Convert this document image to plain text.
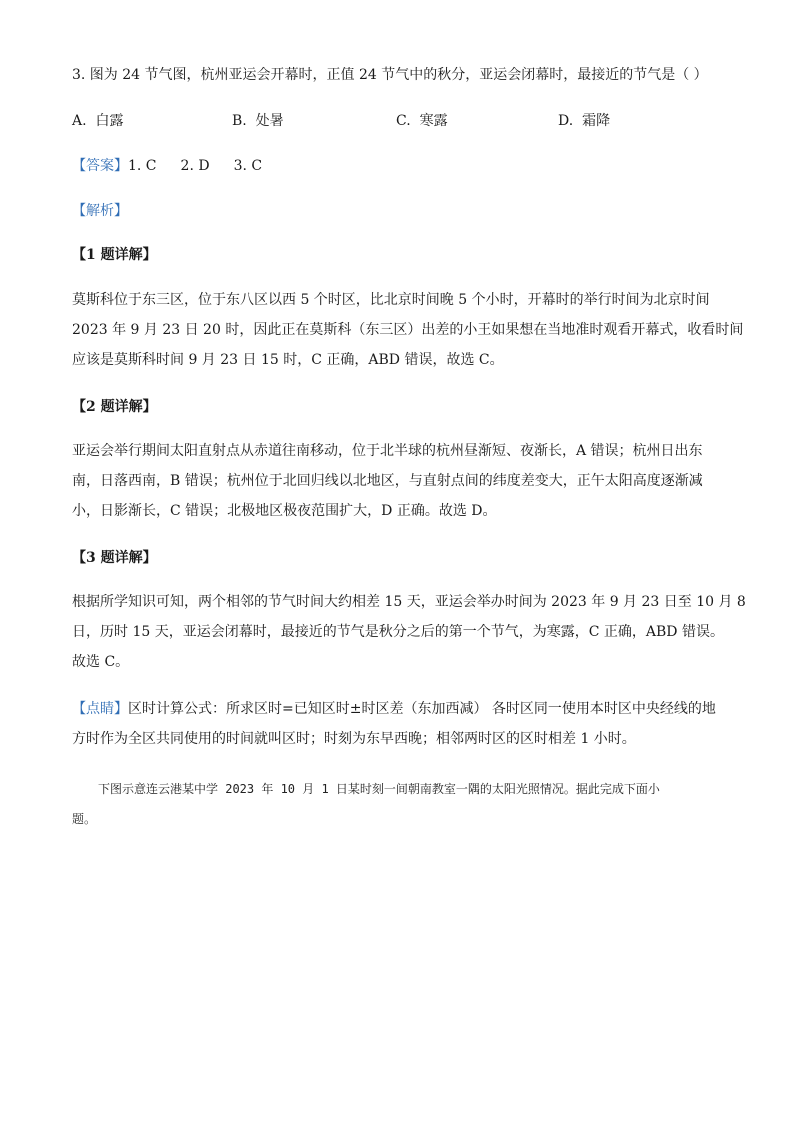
3. 图为 24 节气图，杭州亚运会开幕时，正值 24 节气中的秋分，亚运会闭幕时，最接近的节气是（ ）
A. 白露	B. 处暑	C. 寒露	D. 霜降
【答案】1. C 2. D 3. C
【解析】
【1 题详解】
莫斯科位于东三区，位于东八区以西 5 个时区，比北京时间晚 5 个小时，开幕时的举行时间为北京时间
2023 年 9 月 23 日 20 时，因此正在莫斯科（东三区）出差的小王如果想在当地准时观看开幕式，收看时间
应该是莫斯科时间 9 月 23 日 15 时，C 正确，ABD 错误，故选 C。
【2 题详解】
亚运会举行期间太阳直射点从赤道往南移动，位于北半球的杭州昼渐短、夜渐长，A 错误；杭州日出东
南，日落西南，B 错误；杭州位于北回归线以北地区，与直射点间的纬度差变大，正午太阳高度逐渐减
小，日影渐长，C 错误；北极地区极夜范围扩大，D 正确。故选 D。
【3 题详解】
根据所学知识可知，两个相邻的节气时间大约相差 15 天，亚运会举办时间为 2023 年 9 月 23 日至 10 月 8
日，历时 15 天，亚运会闭幕时，最接近的节气是秋分之后的第一个节气，为寒露，C 正确，ABD 错误。
故选 C。
【点睛】区时计算公式：所求区时=已知区时±时区差（东加西减） 各时区同一使用本时区中央经线的地
方时作为全区共同使用的时间就叫区时；时刻为东早西晚；相邻两时区的区时相差 1 小时。
下图示意连云港某中学 2023 年 10 月 1 日某时刻一间朝南教室一隅的太阳光照情况。据此完成下面小
题。
